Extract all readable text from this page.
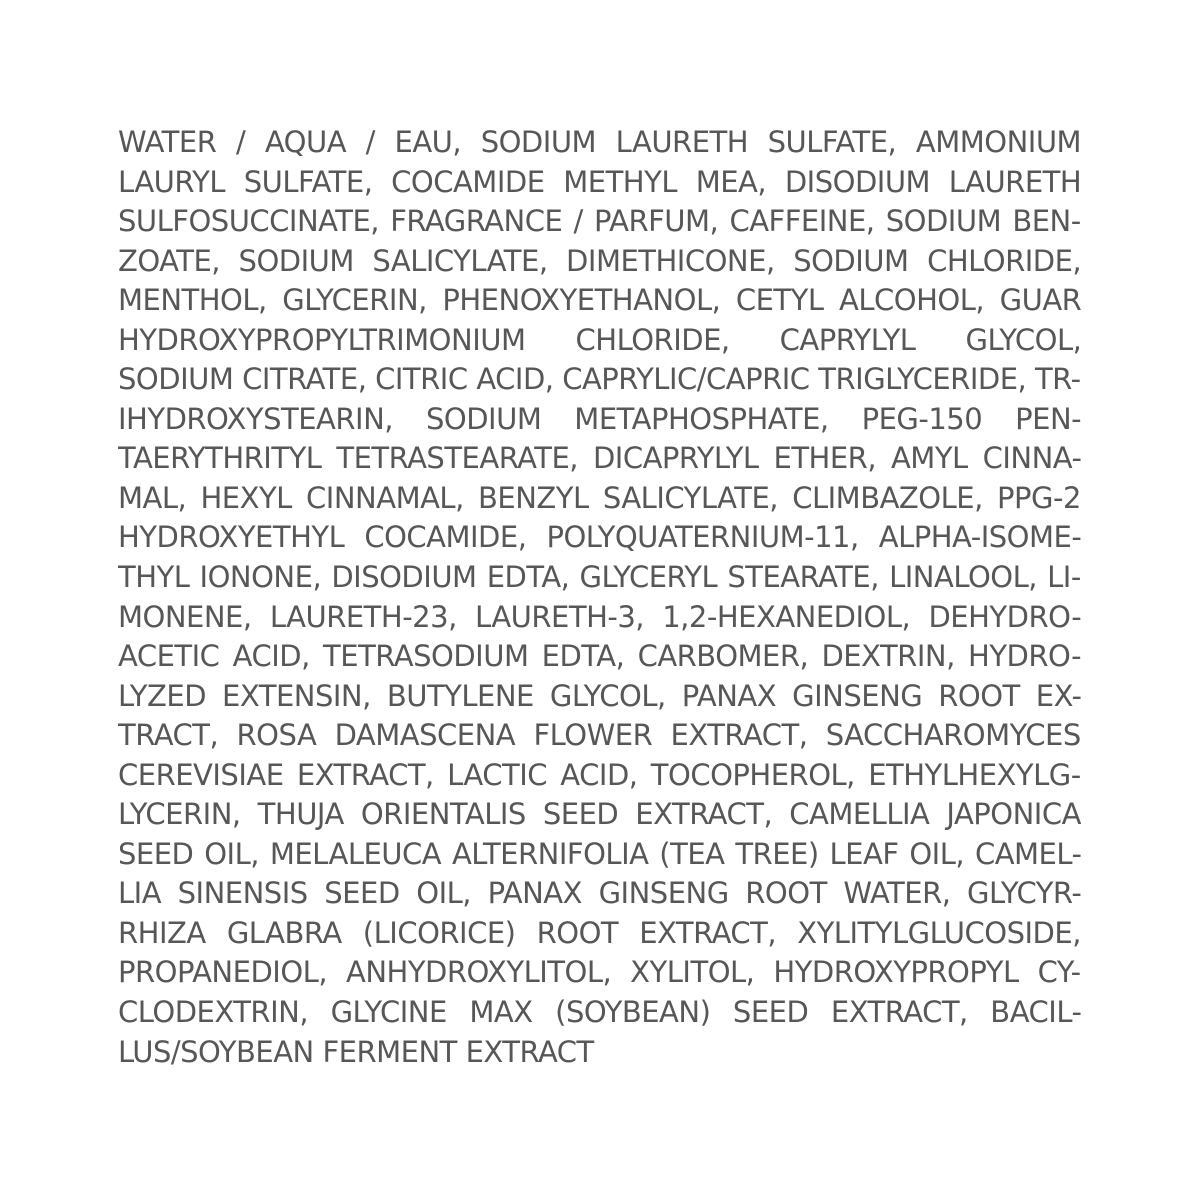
WATER / AQUA / EAU, SODIUM LAURETH SULFATE, AMMONIUM
LAURYL SULFATE, COCAMIDE METHYL MEA, DISODIUM LAURETH
SULFOSUCCINATE, FRAGRANCE / PARFUM, CAFFEINE, SODIUM BEN-
ZOATE, SODIUM SALICYLATE, DIMETHICONE, SODIUM CHLORIDE,
MENTHOL, GLYCERIN, PHENOXYETHANOL, CETYL ALCOHOL, GUAR
HYDROXYPROPYLTRIMONIUM CHLORIDE, CAPRYLYL GLYCOL,
SODIUM CITRATE, CITRIC ACID, CAPRYLIC/CAPRIC TRIGLYCERIDE, TR-
IHYDROXYSTEARIN, SODIUM METAPHOSPHATE, PEG-150 PEN-
TAERYTHRITYL TETRASTEARATE, DICAPRYLYL ETHER, AMYL CINNA-
MAL, HEXYL CINNAMAL, BENZYL SALICYLATE, CLIMBAZOLE, PPG-2
HYDROXYETHYL COCAMIDE, POLYQUATERNIUM-11, ALPHA-ISOME-
THYL IONONE, DISODIUM EDTA, GLYCERYL STEARATE, LINALOOL, LI-
MONENE, LAURETH-23, LAURETH-3, 1,2-HEXANEDIOL, DEHYDRO-
ACETIC ACID, TETRASODIUM EDTA, CARBOMER, DEXTRIN, HYDRO-
LYZED EXTENSIN, BUTYLENE GLYCOL, PANAX GINSENG ROOT EX-
TRACT, ROSA DAMASCENA FLOWER EXTRACT, SACCHAROMYCES
CEREVISIAE EXTRACT, LACTIC ACID, TOCOPHEROL, ETHYLHEXYLG-
LYCERIN, THUJA ORIENTALIS SEED EXTRACT, CAMELLIA JAPONICA
SEED OIL, MELALEUCA ALTERNIFOLIA (TEA TREE) LEAF OIL, CAMEL-
LIA SINENSIS SEED OIL, PANAX GINSENG ROOT WATER, GLYCYR-
RHIZA GLABRA (LICORICE) ROOT EXTRACT, XYLITYLGLUCOSIDE,
PROPANEDIOL, ANHYDROXYLITOL, XYLITOL, HYDROXYPROPYL CY-
CLODEXTRIN, GLYCINE MAX (SOYBEAN) SEED EXTRACT, BACIL-
LUS/SOYBEAN FERMENT EXTRACT
